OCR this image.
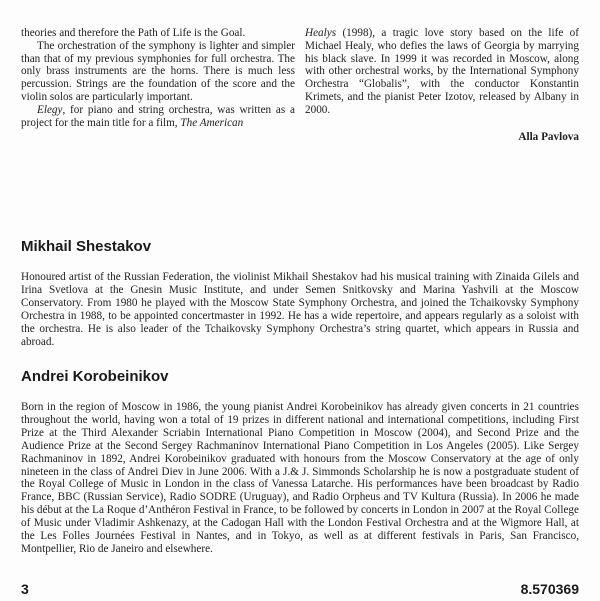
theories and therefore the Path of Life is the Goal.

The orchestration of the symphony is lighter and simpler than that of my previous symphonies for full orchestra. The only brass instruments are the horns. There is much less percussion. Strings are the foundation of the score and the violin solos are particularly important.

Elegy, for piano and string orchestra, was written as a project for the main title for a film, The American

Healys (1998), a tragic love story based on the life of Michael Healy, who defies the laws of Georgia by marrying his black slave. In 1999 it was recorded in Moscow, along with other orchestral works, by the International Symphony Orchestra “Globalis”, with the conductor Konstantin Krimets, and the pianist Peter Izotov, released by Albany in 2000.

Alla Pavlova

Mikhail Shestakov

Honoured artist of the Russian Federation, the violinist Mikhail Shestakov had his musical training with Zinaida Gilels and Irina Svetlova at the Gnesin Music Institute, and under Semen Snitkovsky and Marina Yashvili at the Moscow Conservatory. From 1980 he played with the Moscow State Symphony Orchestra, and joined the Tchaikovsky Symphony Orchestra in 1988, to be appointed concertmaster in 1992. He has a wide repertoire, and appears regularly as a soloist with the orchestra. He is also leader of the Tchaikovsky Symphony Orchestra’s string quartet, which appears in Russia and abroad.

Andrei Korobeinikov

Born in the region of Moscow in 1986, the young pianist Andrei Korobeinikov has already given concerts in 21 countries throughout the world, having won a total of 19 prizes in different national and international competitions, including First Prize at the Third Alexander Scriabin International Piano Competition in Moscow (2004), and Second Prize and the Audience Prize at the Second Sergey Rachmaninov International Piano Competition in Los Angeles (2005). Like Sergey Rachmaninov in 1892, Andrei Korobeinikov graduated with honours from the Moscow Conservatory at the age of only nineteen in the class of Andrei Diev in June 2006. With a J.& J. Simmonds Scholarship he is now a postgraduate student of the Royal College of Music in London in the class of Vanessa Latarche. His performances have been broadcast by Radio France, BBC (Russian Service), Radio SODRE (Uruguay), and Radio Orpheus and TV Kultura (Russia). In 2006 he made his début at the La Roque d’Anthéron Festival in France, to be followed by concerts in London in 2007 at the Royal College of Music under Vladimir Ashkenazy, at the Cadogan Hall with the London Festival Orchestra and at the Wigmore Hall, at the Les Folles Journées Festival in Nantes, and in Tokyo, as well as at different festivals in Paris, San Francisco, Montpellier, Rio de Janeiro and elsewhere.

3	8.570369
